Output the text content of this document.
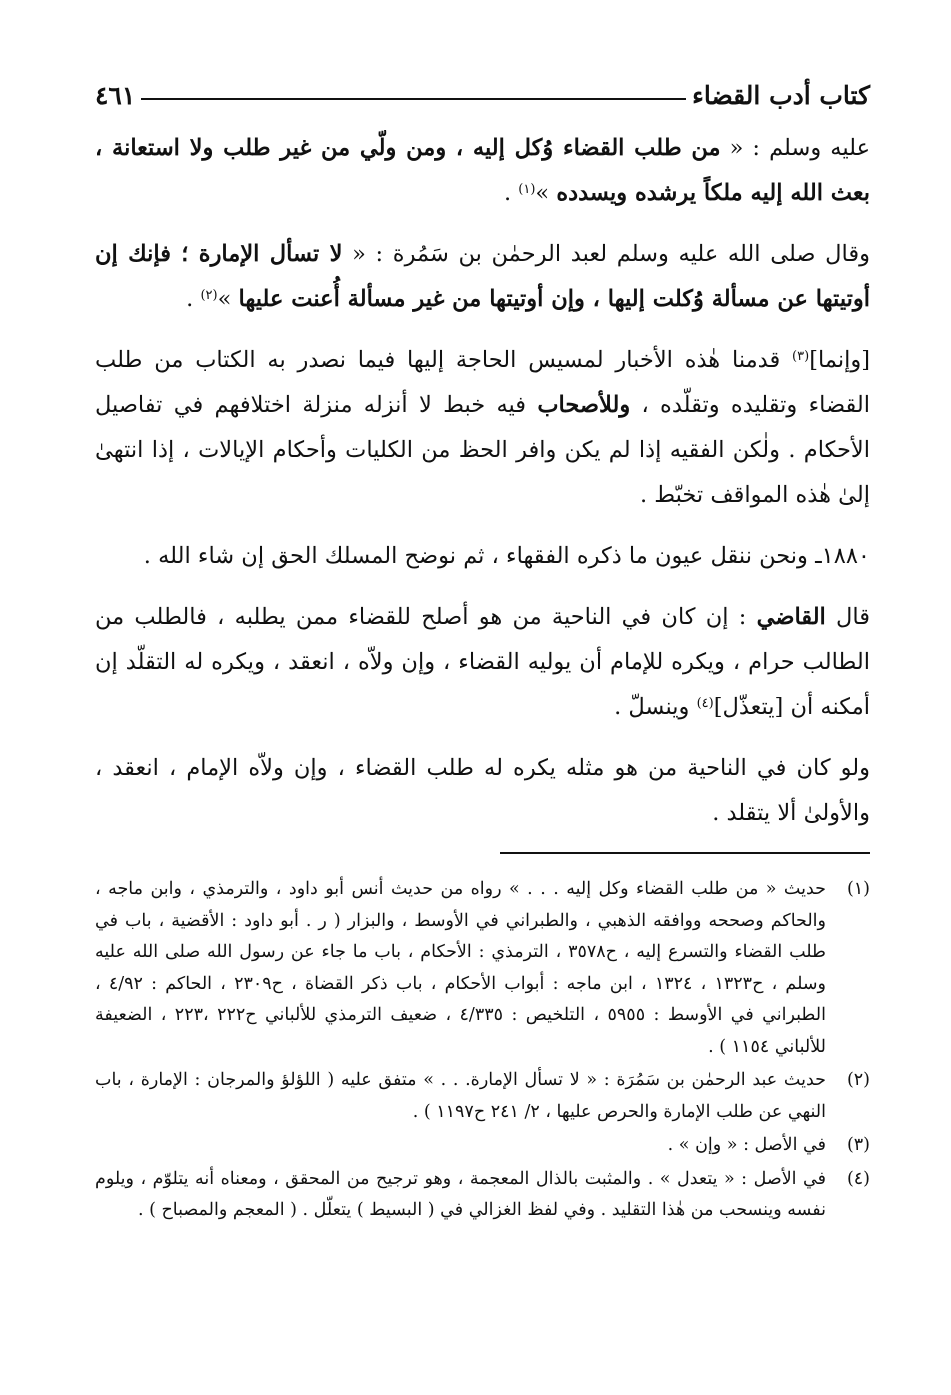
كتاب أدب القضاء
٤٦١

عليه وسلم : « من طلب القضاء وُكل إليه ، ومن ولّي من غير طلب ولا استعانة ، بعث الله إليه ملكاً يرشده ويسدده »$^{(١)}$ .

وقال صلى الله عليه وسلم لعبد الرحمٰن بن سَمُرة : « لا تسأل الإمارة ؛ فإنك إن أوتيتها عن مسألة وُكلت إليها ، وإن أوتيتها من غير مسألة أُعنت عليها »$^{(٢)}$ .

[وإنما]$^{(٣)}$ قدمنا هٰذه الأخبار لمسيس الحاجة إليها فيما نصدر به الكتاب من طلب القضاء وتقليده وتقلّده ، وللأصحاب فيه خبط لا أنزله منزلة اختلافهم في تفاصيل الأحكام . ولٰكن الفقيه إذا لم يكن وافر الحظ من الكليات وأحكام الإيالات ، إذا انتهىٰ إلىٰ هٰذه المواقف تخبّط .

١٨٨٠ـ ونحن ننقل عيون ما ذكره الفقهاء ، ثم نوضح المسلك الحق إن شاء الله .

قال القاضي : إن كان في الناحية من هو أصلح للقضاء ممن يطلبه ، فالطلب من الطالب حرام ، ويكره للإمام أن يوليه القضاء ، وإن ولاّه ، انعقد ، ويكره له التقلّد إن أمكنه أن [يتعذّل]$^{(٤)}$ وينسلّ .

ولو كان في الناحية من هو مثله يكره له طلب القضاء ، وإن ولاّه الإمام ، انعقد ، والأولىٰ ألا يتقلد .

(١)
حديث « من طلب القضاء وكل إليه . . . » رواه من حديث أنس أبو داود ، والترمذي ، وابن ماجه ، والحاكم وصححه ووافقه الذهبي ، والطبراني في الأوسط ، والبزار ( ر . أبو داود : الأقضية ، باب في طلب القضاء والتسرع إليه ، ح٣٥٧٨ ، الترمذي : الأحكام ، باب ما جاء عن رسول الله صلى الله عليه وسلم ، ح١٣٢٣ ، ١٣٢٤ ، ابن ماجه : أبواب الأحكام ، باب ذكر القضاة ، ح٢٣٠٩ ، الحاكم : ٤/٩٢ ، الطبراني في الأوسط : ٥٩٥٥ ، التلخيص : ٤/٣٣٥ ، ضعيف الترمذي للألباني ح٢٢٢ ،٢٢٣ ، الضعيفة للألباني ١١٥٤ ) .
(٢)
حديث عبد الرحمٰن بن سَمُرَة : « لا تسأل الإمارة. . . » متفق عليه ( اللؤلؤ والمرجان : الإمارة ، باب النهي عن طلب الإمارة والحرص عليها ، ٢/ ٢٤١ ح١١٩٧ ) .
(٣)
في الأصل : « وإن » .
(٤)
في الأصل : « يتعدل » . والمثبت بالذال المعجمة ، وهو ترجيح من المحقق ، ومعناه أنه يتلوّم ، ويلوم نفسه وينسحب من هٰذا التقليد . وفي لفظ الغزالي في ( البسيط ) يتعلّل . ( المعجم والمصباح ) .
